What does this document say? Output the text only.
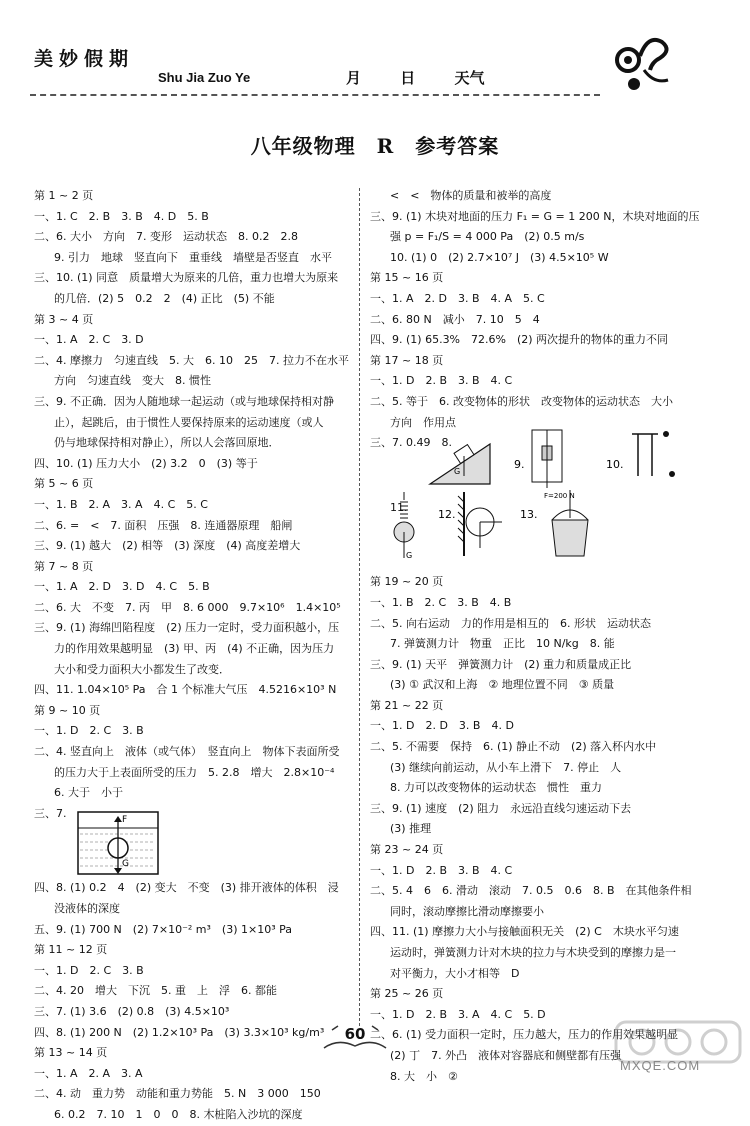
美妙假期
Shu Jia Zuo Ye	月	日	天气
八年级物理　R　参考答案
第 1 ~ 2 页
一、1. C　2. B　3. B　4. D　5. B
二、6. 大小　方向　7. 变形　运动状态　8. 0.2　2.8
9. 引力　地球　竖直向下　重垂线　墙壁是否竖直　水平
三、10. (1) 同意　质量增大为原来的几倍，重力也增大为原来
的几倍．(2) 5　0.2　2　(4) 正比　(5) 不能
第 3 ~ 4 页
一、1. A　2. C　3. D
二、4. 摩擦力　匀速直线　5. 大　6. 10　25　7. 拉力不在水平
方向　匀速直线　变大　8. 惯性
三、9. 不正确．因为人随地球一起运动（或与地球保持相对静
止），起跳后，由于惯性人要保持原来的运动速度（或人
仍与地球保持相对静止），所以人会落回原地．
四、10. (1) 压力大小　(2) 3.2　0　(3) 等于
第 5 ~ 6 页
一、1. B　2. A　3. A　4. C　5. C
二、6. =　<　7. 面积　压强　8. 连通器原理　船闸
三、9. (1) 越大　(2) 相等　(3) 深度　(4) 高度差增大
第 7 ~ 8 页
一、1. A　2. D　3. D　4. C　5. B
二、6. 大　不变　7. 丙　甲　8. 6 000　9.7×10⁶　1.4×10⁵
三、9. (1) 海绵凹陷程度　(2) 压力一定时，受力面积越小，压
力的作用效果越明显　(3) 甲、丙　(4) 不正确，因为压力
大小和受力面积大小都发生了改变．
四、11. 1.04×10⁵ Pa　合 1 个标准大气压　4.5216×10³ N
第 9 ~ 10 页
一、1. D　2. C　3. B
二、4. 竖直向上　液体（或气体）　竖直向上　物体下表面所受
的压力大于上表面所受的压力　5. 2.8　增大　2.8×10⁻⁴
6. 大于　小于
三、7.
F
G
四、8. (1) 0.2　4　(2) 变大　不变　(3) 排开液体的体积　浸
没液体的深度
五、9. (1) 700 N　(2) 7×10⁻² m³　(3) 1×10³ Pa
第 11 ~ 12 页
一、1. D　2. C　3. B
二、4. 20　增大　下沉　5. 重　上　浮　6. 都能
三、7. (1) 3.6　(2) 0.8　(3) 4.5×10³
四、8. (1) 200 N　(2) 1.2×10³ Pa　(3) 3.3×10³ kg/m³
第 13 ~ 14 页
一、1. A　2. A　3. A
二、4. 动　重力势　动能和重力势能　5. N　3 000　150
6. 0.2　7. 10　1　0　0　8. 木桩陷入沙坑的深度
<　<　物体的质量和被举的高度
三、9. (1) 木块对地面的压力 F₁ = G = 1 200 N，木块对地面的压
强 p = F₁/S = 4 000 Pa　(2) 0.5 m/s
10. (1) 0　(2) 2.7×10⁷ J　(3) 4.5×10⁵ W
第 15 ~ 16 页
一、1. A　2. D　3. B　4. A　5. C
二、6. 80 N　减小　7. 10　5　4
四、9. (1) 65.3%　72.6%　(2) 两次提升的物体的重力不同
第 17 ~ 18 页
一、1. D　2. B　3. B　4. C
二、5. 等于　6. 改变物体的形状　改变物体的运动状态　大小
方向　作用点
三、7. 0.49　8.
G
9.	10.
11.
G
12.	13.
F=200 N
第 19 ~ 20 页
一、1. B　2. C　3. B　4. B
二、5. 向右运动　力的作用是相互的　6. 形状　运动状态
7. 弹簧测力计　物重　正比　10 N/kg　8. 能
三、9. (1) 天平　弹簧测力计　(2) 重力和质量成正比
(3) ① 武汉和上海　② 地理位置不同　③ 质量
第 21 ~ 22 页
一、1. D　2. D　3. B　4. D
二、5. 不需要　保持　6. (1) 静止不动　(2) 落入杯内水中
(3) 继续向前运动，从小车上滑下　7. 停止　人
8. 力可以改变物体的运动状态　惯性　重力
三、9. (1) 速度　(2) 阻力　永远沿直线匀速运动下去
(3) 推理
第 23 ~ 24 页
一、1. D　2. B　3. B　4. C
二、5. 4　6　6. 滑动　滚动　7. 0.5　0.6　8. B　在其他条件相
同时，滚动摩擦比滑动摩擦要小
四、11. (1) 摩擦力大小与接触面积无关　(2) C　木块水平匀速
运动时，弹簧测力计对木块的拉力与木块受到的摩擦力是一
对平衡力，大小才相等　D
第 25 ~ 26 页
一、1. D　2. B　3. A　4. C　5. D
二、6. (1) 受力面积一定时，压力越大，压力的作用效果越明显
(2) 丁　7. 外凸　液体对容器底和侧壁都有压强
8. 大　小　②
60
MXQE.COM
